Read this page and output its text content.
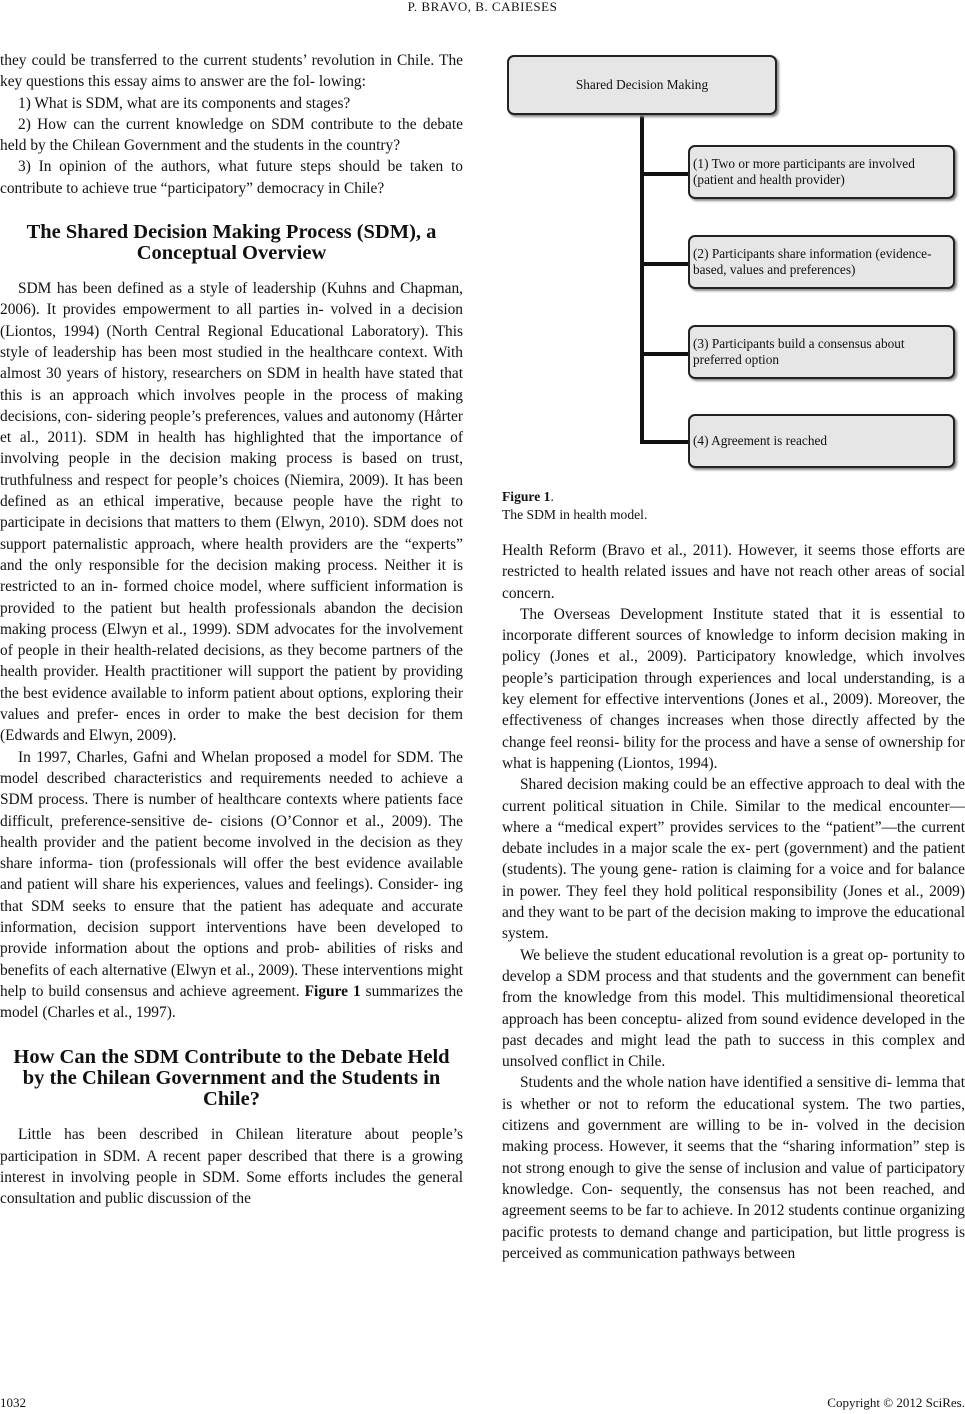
P. BRAVO, B. CABIESES

they could be transferred to the current students’ revolution in Chile. The key questions this essay aims to answer are the fol- lowing:

1) What is SDM, what are its components and stages?
2) How can the current knowledge on SDM contribute to the debate held by the Chilean Government and the students in the country?
3) In opinion of the authors, what future steps should be taken to contribute to achieve true “participatory” democracy in Chile?
The Shared Decision Making Process (SDM), a Conceptual Overview

SDM has been defined as a style of leadership (Kuhns and Chapman, 2006). It provides empowerment to all parties in- volved in a decision (Liontos, 1994) (North Central Regional Educational Laboratory). This style of leadership has been most studied in the healthcare context. With almost 30 years of history, researchers on SDM in health have stated that this is an approach which involves people in the process of making decisions, con- sidering people’s preferences, values and autonomy (Hårter et al., 2011). SDM in health has highlighted that the importance of involving people in the decision making process is based on trust, truthfulness and respect for people’s choices (Niemira, 2009). It has been defined as an ethical imperative, because people have the right to participate in decisions that matters to them (Elwyn, 2010). SDM does not support paternalistic approach, where health providers are the “experts” and the only responsible for the decision making process. Neither it is restricted to an in- formed choice model, where sufficient information is provided to the patient but health professionals abandon the decision making process (Elwyn et al., 1999). SDM advocates for the involvement of people in their health-related decisions, as they become partners of the health provider. Health practitioner will support the patient by providing the best evidence available to inform patient about options, exploring their values and prefer- ences in order to make the best decision for them (Edwards and Elwyn, 2009).

In 1997, Charles, Gafni and Whelan proposed a model for SDM. The model described characteristics and requirements needed to achieve a SDM process. There is number of healthcare contexts where patients face difficult, preference-sensitive de- cisions (O’Connor et al., 2009). The health provider and the patient become involved in the decision as they share informa- tion (professionals will offer the best evidence available and patient will share his experiences, values and feelings). Consider- ing that SDM seeks to ensure that the patient has adequate and accurate information, decision support interventions have been developed to provide information about the options and prob- abilities of risks and benefits of each alternative (Elwyn et al., 2009). These interventions might help to build consensus and achieve agreement. Figure 1 summarizes the model (Charles et al., 1997).

How Can the SDM Contribute to the Debate Held by the Chilean Government and the Students in Chile?

Little has been described in Chilean literature about people’s participation in SDM. A recent paper described that there is a growing interest in involving people in SDM. Some efforts includes the general consultation and public discussion of the

Shared Decision Making
(1) Two or more participants are involved (patient and health provider)
(2) Participants share information (evidence-based, values and preferences)
(3) Participants build a consensus about preferred option
(4) Agreement is reached
Figure 1.
The SDM in health model.

Health Reform (Bravo et al., 2011). However, it seems those efforts are restricted to health related issues and have not reach other areas of social concern.

The Overseas Development Institute stated that it is essential to incorporate different sources of knowledge to inform decision making in policy (Jones et al., 2009). Participatory knowledge, which involves people’s participation through experiences and local understanding, is a key element for effective interventions (Jones et al., 2009). Moreover, the effectiveness of changes increases when those directly affected by the change feel reonsi- bility for the process and have a sense of ownership for what is happening (Liontos, 1994).

Shared decision making could be an effective approach to deal with the current political situation in Chile. Similar to the medical encounter—where a “medical expert” provides services to the “patient”—the current debate includes in a major scale the ex- pert (government) and the patient (students). The young gene- ration is claiming for a voice and for balance in power. They feel they hold political responsibility (Jones et al., 2009) and they want to be part of the decision making to improve the educational system.

We believe the student educational revolution is a great op- portunity to develop a SDM process and that students and the government can benefit from the knowledge from this model. This multidimensional theoretical approach has been conceptu- alized from sound evidence developed in the past decades and might lead the path to success in this complex and unsolved conflict in Chile.

Students and the whole nation have identified a sensitive di- lemma that is whether or not to reform the educational system. The two parties, citizens and government are willing to be in- volved in the decision making process. However, it seems that the “sharing information” step is not strong enough to give the sense of inclusion and value of participatory knowledge. Con- sequently, the consensus has not been reached, and agreement seems to be far to achieve. In 2012 students continue organizing pacific protests to demand change and participation, but little progress is perceived as communication pathways between

1032	Copyright © 2012 SciRes.
